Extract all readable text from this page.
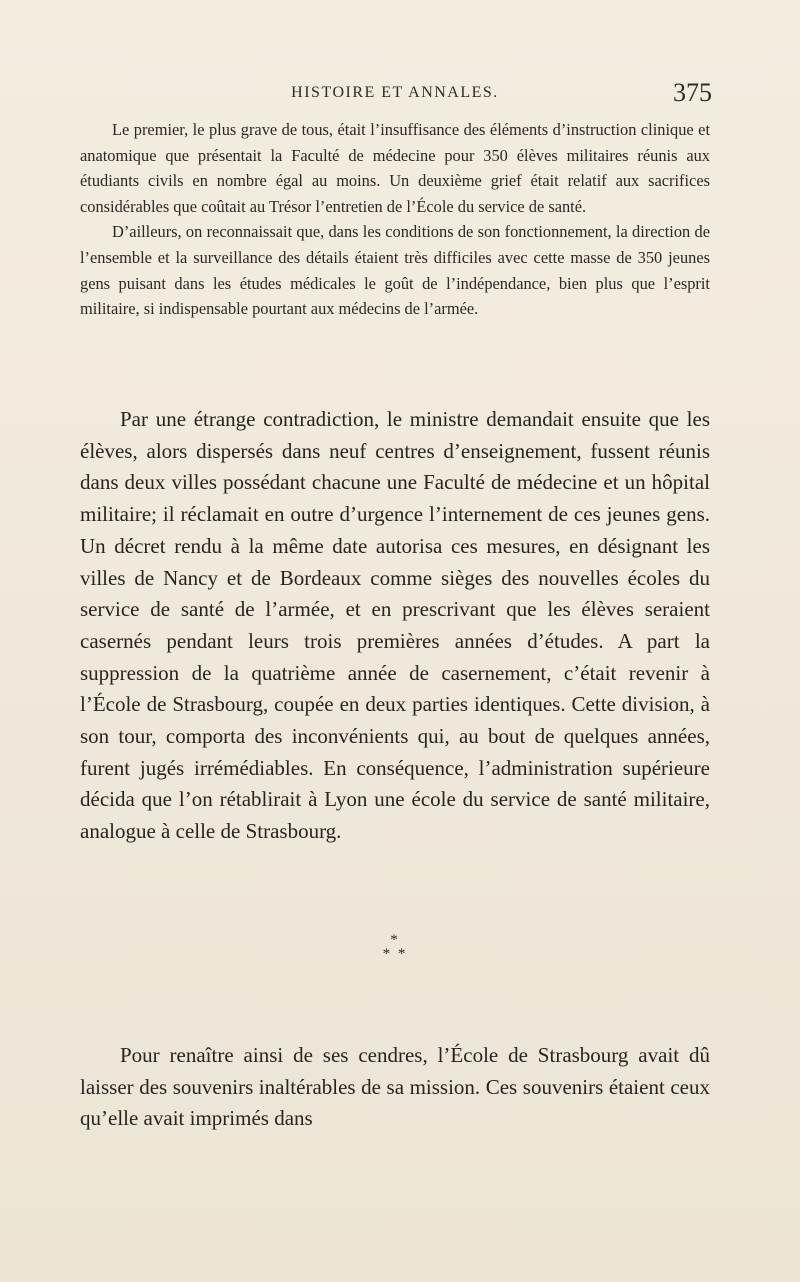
HISTOIRE ET ANNALES.	375

Le premier, le plus grave de tous, était l’insuffisance des éléments d’instruction clinique et anatomique que présentait la Faculté de médecine pour 350 élèves militaires réunis aux étudiants civils en nombre égal au moins. Un deuxième grief était relatif aux sacrifices considérables que coûtait au Trésor l’entretien de l’École du service de santé.

D’ailleurs, on reconnaissait que, dans les conditions de son fonctionnement, la direction de l’ensemble et la surveillance des détails étaient très difficiles avec cette masse de 350 jeunes gens puisant dans les études médicales le goût de l’indépendance, bien plus que l’esprit militaire, si indispensable pourtant aux médecins de l’armée.

Par une étrange contradiction, le ministre demandait ensuite que les élèves, alors dispersés dans neuf centres d’enseignement, fussent réunis dans deux villes possédant chacune une Faculté de médecine et un hôpital militaire; il réclamait en outre d’urgence l’internement de ces jeunes gens. Un décret rendu à la même date autorisa ces mesures, en désignant les villes de Nancy et de Bordeaux comme sièges des nouvelles écoles du service de santé de l’armée, et en prescrivant que les élèves seraient casernés pendant leurs trois premières années d’études. A part la suppression de la quatrième année de casernement, c’était revenir à l’École de Strasbourg, coupée en deux parties identiques. Cette division, à son tour, comporta des inconvénients qui, au bout de quelques années, furent jugés irrémédiables. En conséquence, l’administration supérieure décida que l’on rétablirait à Lyon une école du service de santé militaire, analogue à celle de Strasbourg.

*
* *

Pour renaître ainsi de ses cendres, l’École de Strasbourg avait dû laisser des souvenirs inaltérables de sa mission. Ces souvenirs étaient ceux qu’elle avait imprimés dans
